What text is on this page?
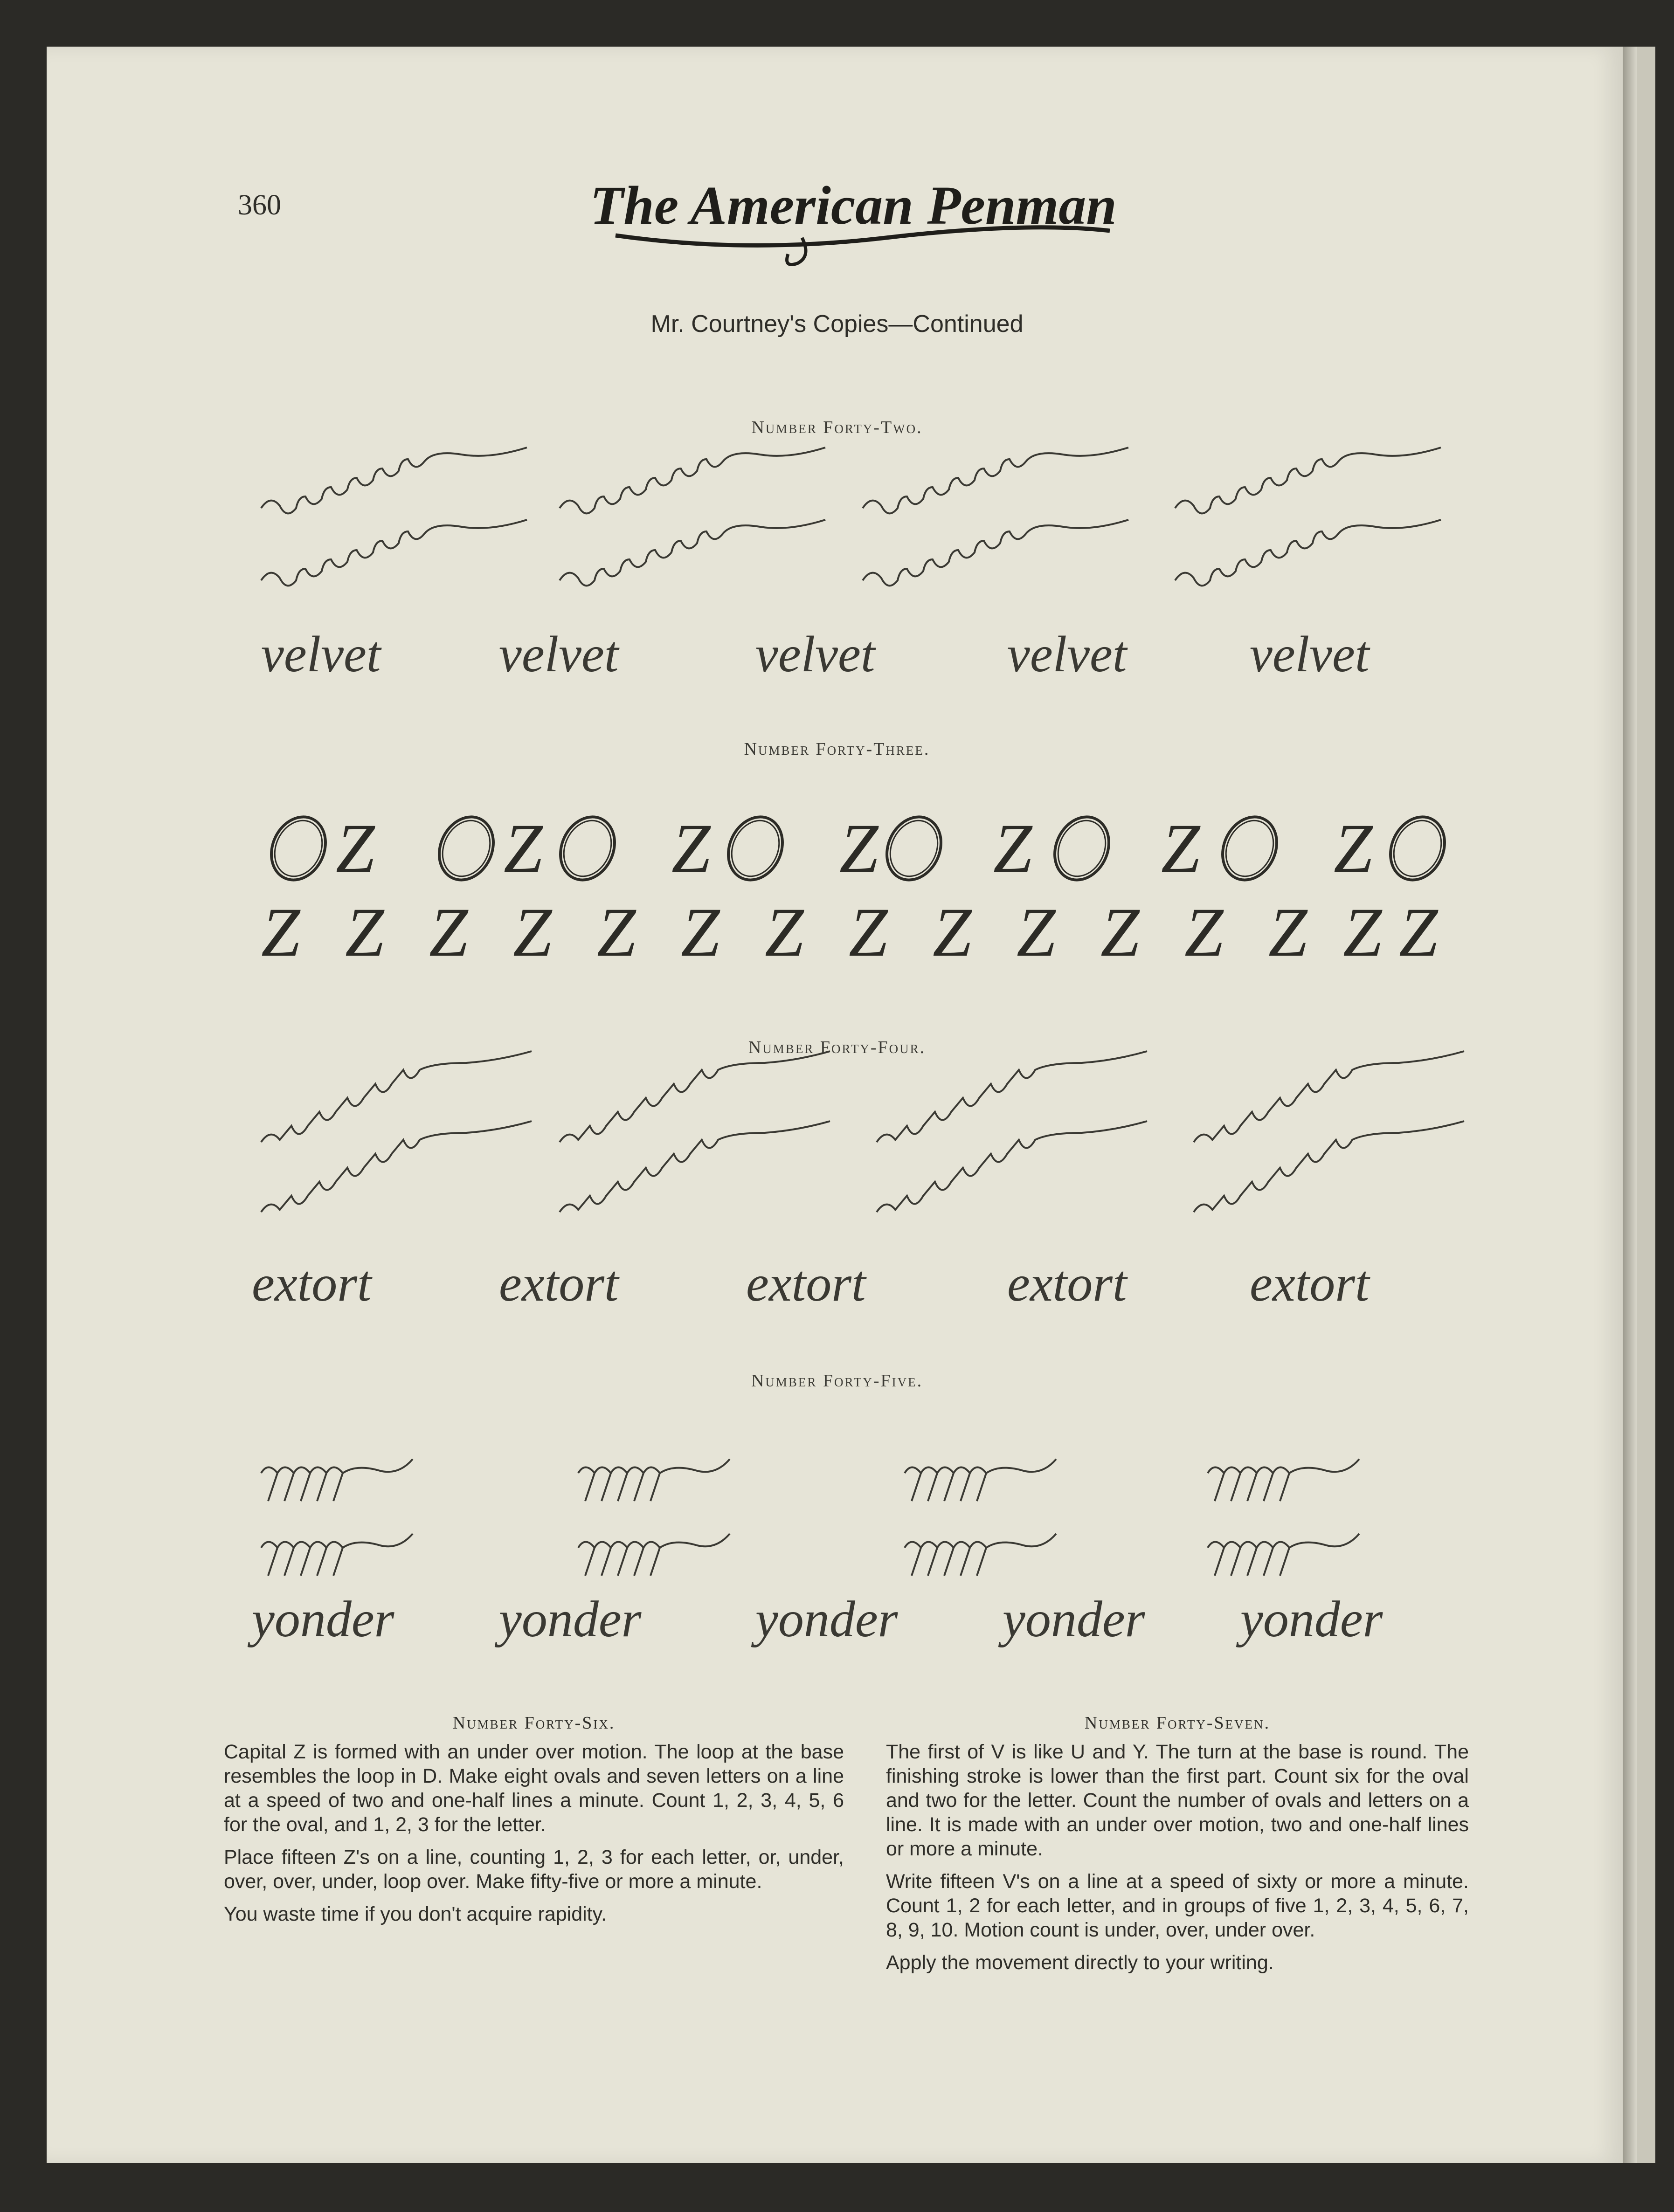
360	The American Penman
Mr. Courtney's Copies—Continued
Number Forty-Two.
Number Forty-Three.
Number Forty-Four.
Number Forty-Five.
velvet velvet	velvet	velvet velvet
Z Z Z Z Z Z Z
Z Z Z Z Z Z Z Z Z Z Z Z Z Z Z
extort extort extort	extort extort
yonder yonder yonder yonder yonder
Number Forty-Six.

Capital Z is formed with an under over motion. The loop at the base resembles the loop in D. Make eight ovals and seven letters on a line at a speed of two and one-half lines a minute. Count 1, 2, 3, 4, 5, 6 for the oval, and 1, 2, 3 for the letter.

Place fifteen Z's on a line, counting 1, 2, 3 for each letter, or, under, over, over, under, loop over. Make fifty-five or more a minute.

You waste time if you don't acquire rapidity.

Number Forty-Seven.

The first of V is like U and Y. The turn at the base is round. The finishing stroke is lower than the first part. Count six for the oval and two for the letter. Count the number of ovals and letters on a line. It is made with an under over motion, two and one-half lines or more a minute.

Write fifteen V's on a line at a speed of sixty or more a minute. Count 1, 2 for each letter, and in groups of five 1, 2, 3, 4, 5, 6, 7, 8, 9, 10. Motion count is under, over, under over.

Apply the movement directly to your writing.
